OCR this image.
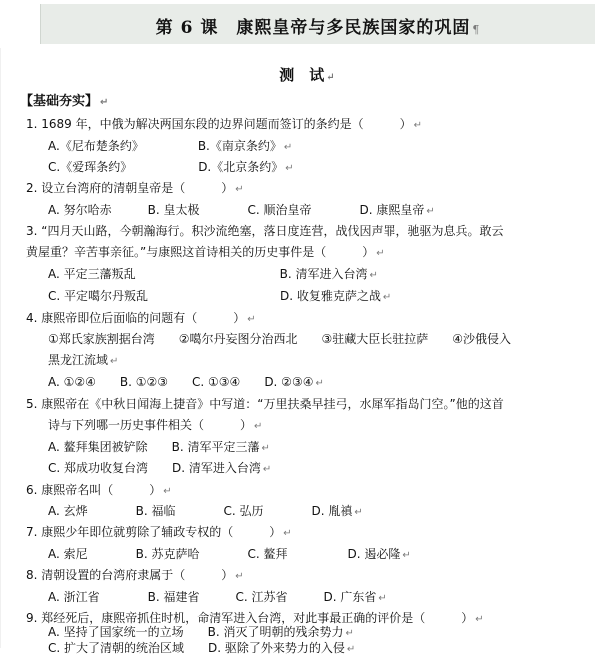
第 6 课　康熙皇帝与多民族国家的巩固 ¶
测　试 ↵
【基础夯实】 ↵
1. 1689 年，中俄为解决两国东段的边界问题而签订的条约是（　　　） ↵
A.《尼布楚条约》　　　　　B.《南京条约》 ↵
C.《爱珲条约》　　　　　　D.《北京条约》 ↵
2. 设立台湾府的清朝皇帝是（　　　） ↵
A. 努尔哈赤　　　B. 皇太极　　　　C. 顺治皇帝　　　　D. 康熙皇帝 ↵
3. “四月天山路，今朝瀚海行。积沙流绝塞，落日度连营，战伐因声罪，驰驱为息兵。敢云
黄屋重？辛苦事亲征。”与康熙这首诗相关的历史事件是（　　　） ↵
A. 平定三藩叛乱　　　　　　　　　　　　B. 清军进入台湾 ↵
C. 平定噶尔丹叛乱　　　　　　　　　　　D. 收复雅克萨之战 ↵
4. 康熙帝即位后面临的问题有（　　　） ↵
①郑氏家族割据台湾　　②噶尔丹妄图分治西北　　③驻藏大臣长驻拉萨　　④沙俄侵入
黑龙江流域 ↵
A. ①②④　　B. ①②③　　C. ①③④　　D. ②③④ ↵
5. 康熙帝在《中秋日闻海上捷音》中写道：“万里扶桑早挂弓，水犀军指岛门空。”他的这首
诗与下列哪一历史事件相关（　　　） ↵
A. 鳌拜集团被铲除　　B. 清军平定三藩 ↵
C. 郑成功收复台湾　　D. 清军进入台湾 ↵
6. 康熙帝名叫（　　　） ↵
A. 玄烨　　　　B. 福临　　　　C. 弘历　　　　D. 胤禛 ↵
7. 康熙少年即位就剪除了辅政专权的（　　　） ↵
A. 索尼　　　　B. 苏克萨哈　　　　C. 鳌拜　　　　　D. 遏必隆 ↵
8. 清朝设置的台湾府隶属于（　　　） ↵
A. 浙江省　　　　B. 福建省　　　C. 江苏省　　　D. 广东省 ↵
9. 郑经死后，康熙帝抓住时机，命清军进入台湾，对此事最正确的评价是（　　　） ↵
A. 坚持了国家统一的立场　　B. 消灭了明朝的残余势力 ↵
C. 扩大了清朝的统治区域　　D. 驱除了外来势力的入侵 ↵
